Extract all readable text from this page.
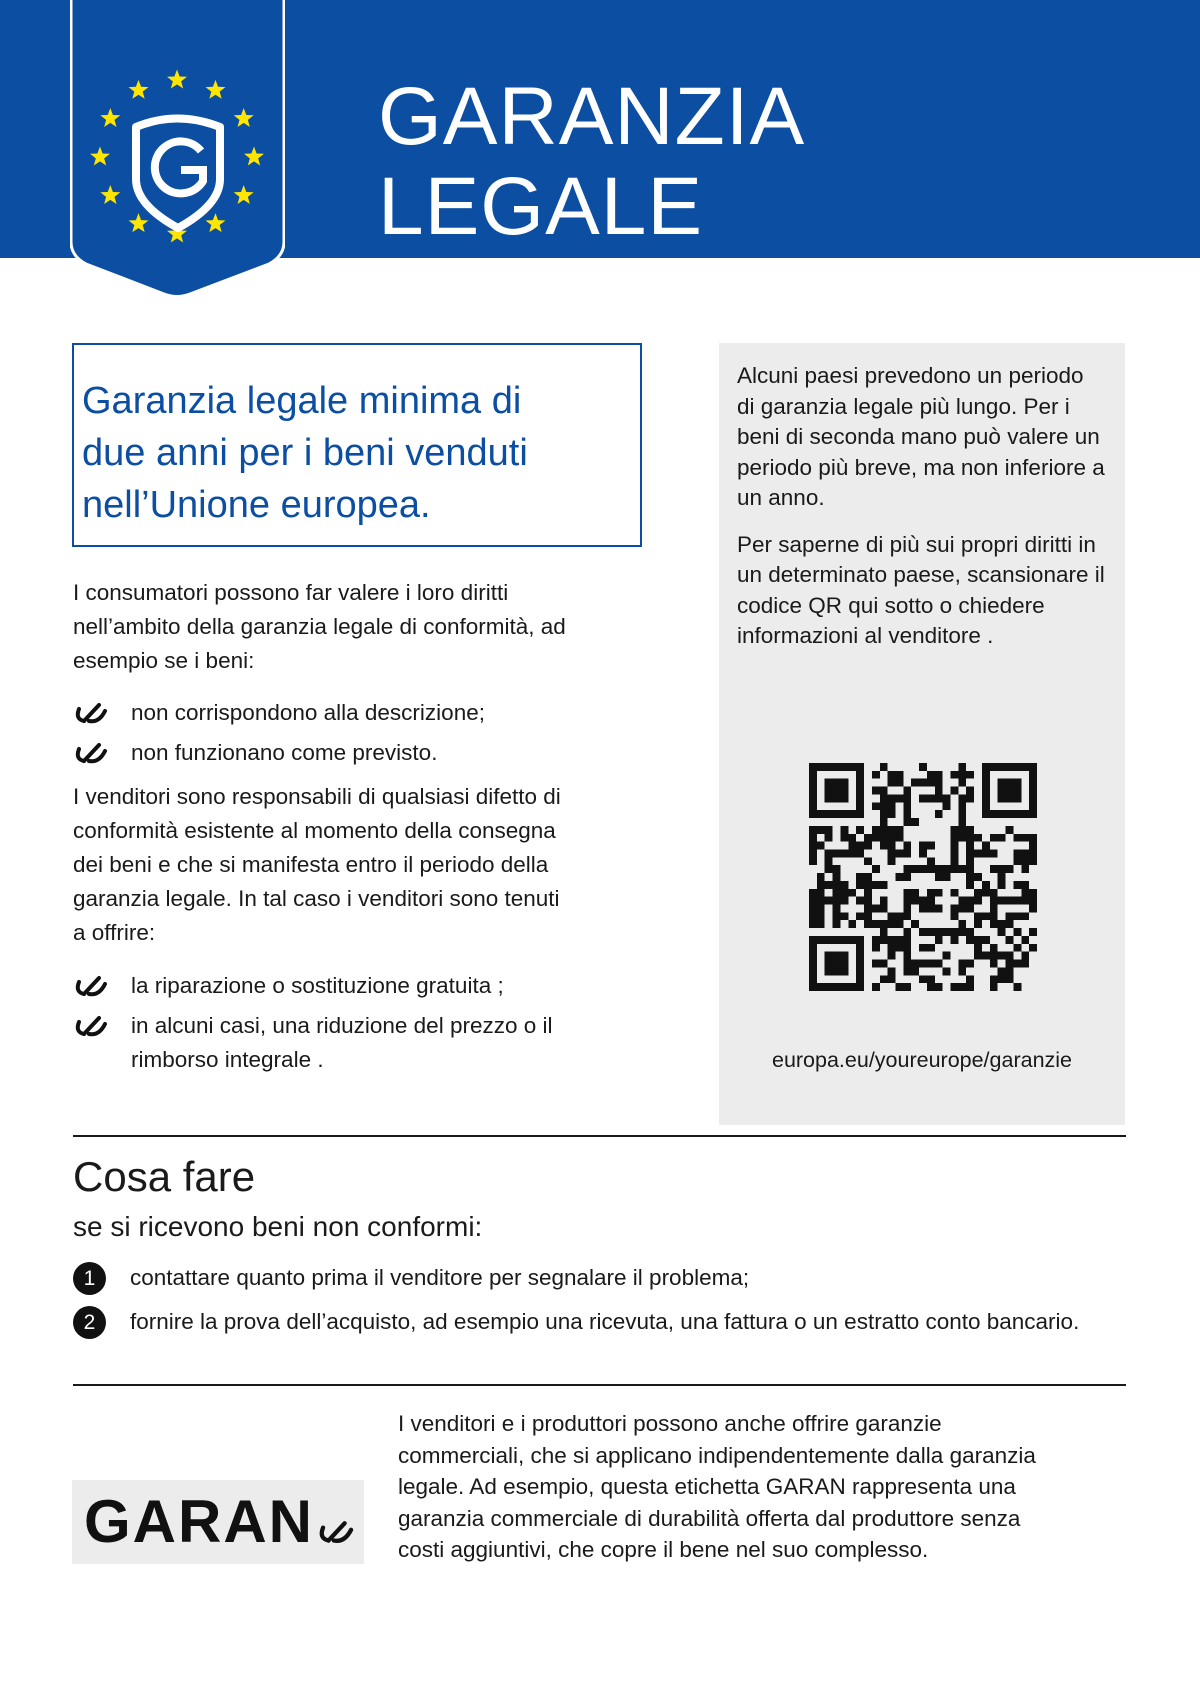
GARANZIA
LEGALE
Garanzia legale minima di
due anni per i beni venduti
nell’Unione europea.

I consumatori possono far valere i loro diritti nell’ambito della garanzia legale di conformità, ad esempio se i beni:

non corrispondono alla descrizione;
non funzionano come previsto.

I venditori sono responsabili di qualsiasi difetto di conformità esistente al momento della consegna dei beni e che si manifesta entro il periodo della garanzia legale. In tal caso i venditori sono tenuti a offrire:

la riparazione o sostituzione gratuita ;
in alcuni casi, una riduzione del prezzo o il rimborso integrale .

Alcuni paesi prevedono un periodo di garanzia legale più lungo. Per i beni di seconda mano può valere un periodo più breve, ma non inferiore a un anno.

Per saperne di più sui propri diritti in un determinato paese, scansionare il codice QR qui sotto o chiedere informazioni al venditore .

europa.eu/youreurope/garanzie
Cosa fare
se si ricevono beni non conformi:
1	contattare quanto prima il venditore per segnalare il problema;
2	fornire la prova dell’acquisto, ad esempio una ricevuta, una fattura o un estratto conto bancario.
GARAN

I venditori e i produttori possono anche offrire garanzie commerciali, che si applicano indipendentemente dalla garanzia legale. Ad esempio, questa etichetta GARAN rappresenta una garanzia commerciale di durabilità offerta dal produttore senza costi aggiuntivi, che copre il bene nel suo complesso.
